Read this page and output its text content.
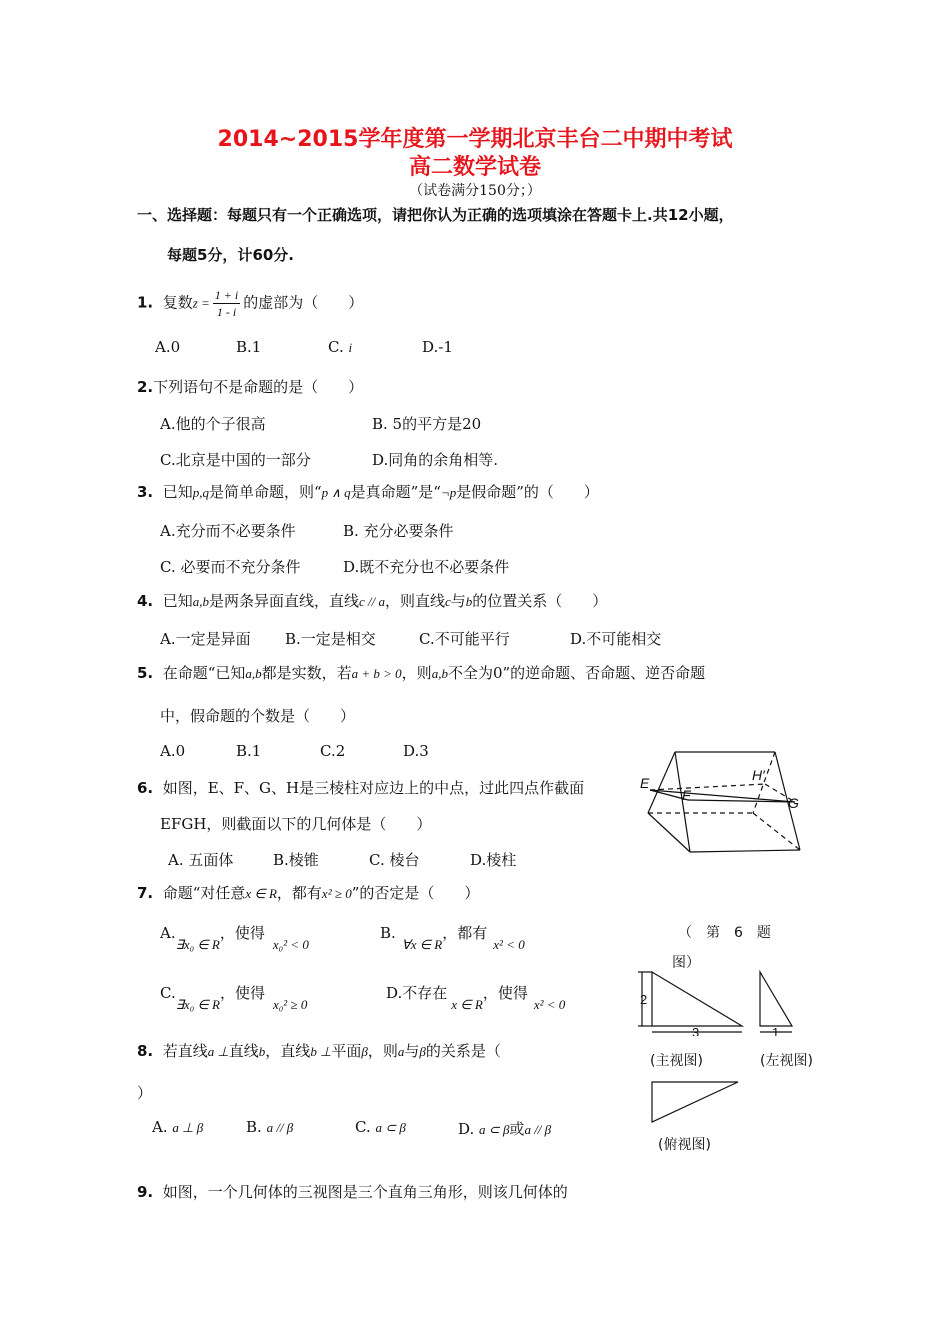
2014~2015学年度第一学期北京丰台二中期中考试
高二数学试卷
（试卷满分150分；）
一、选择题：每题只有一个正确选项，请把你认为正确的选项填涂在答题卡上.共12小题，
每题5分，计60分.
1. 复数$z = \frac{1 + i}{1 - i}$ 的虚部为（　　）
A.0	B.1	C. i	D.-1
2.下列语句不是命题的是（　　）
A.他的个子很高	B. 5的平方是20
C.北京是中国的一部分	D.同角的余角相等.
3. 已知p,q是简单命题，则“p ∧ q是真命题”是“¬p是假命题”的（　　）
A.充分而不必要条件	B. 充分必要条件
C. 必要而不充分条件	D.既不充分也不必要条件
4. 已知a,b是两条异面直线，直线c // a，则直线c与b的位置关系（　　）
A.一定是异面 B.一定是相交	C.不可能平行	D.不可能相交
5. 在命题“已知a,b都是实数，若a + b > 0，则a,b不全为0”的逆命题、否命题、逆否命题
中，假命题的个数是（　　）
A.0	B.1	C.2	D.3
6. 如图，E、F、G、H是三棱柱对应边上的中点，过此四点作截面
EFGH，则截面以下的几何体是（　　）
A. 五面体	B.棱锥	C. 棱台	D.棱柱
E
F
H′
G
（　第　6　题
图）
7. 命题“对任意x ∈ R，都有x² ≥ 0”的否定是（　　）
A.∃x₀ ∈ R，使得x₀² < 0
B.∀x ∈ R，都有x² < 0
C.∃x₀ ∈ R，使得x₀² ≥ 0
D.不存在x ∈ R，使得x² < 0	2
3	1
(主视图)	(左视图)
(俯视图)
8. 若直线a ⊥直线b，直线b ⊥平面β，则a与β的关系是（
）
A. a ⊥ β	B. a // β	C. a ⊂ β	D. a ⊂ β或a // β
9. 如图，一个几何体的三视图是三个直角三角形，则该几何体的
